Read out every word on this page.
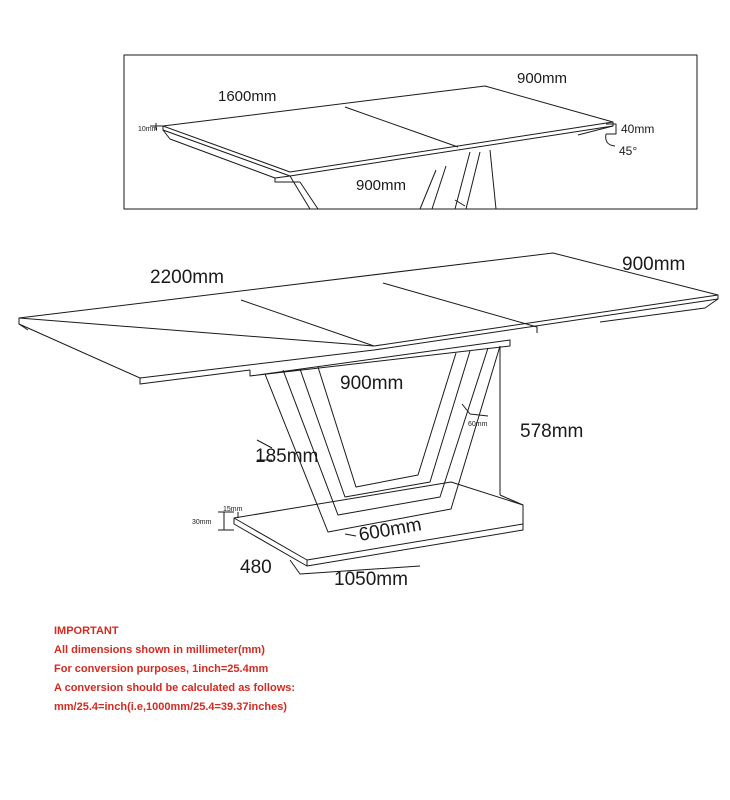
1600mm
900mm
10mm	40mm
45°
900mm
2200mm
900mm
900mm
578mm
185mm
60mm
600mm
30mm
15mm
480
1050mm
IMPORTANT
All dimensions shown in millimeter(mm)
For conversion purposes, 1inch=25.4mm
A conversion should be calculated as follows:
mm/25.4=inch(i.e,1000mm/25.4=39.37inches)
